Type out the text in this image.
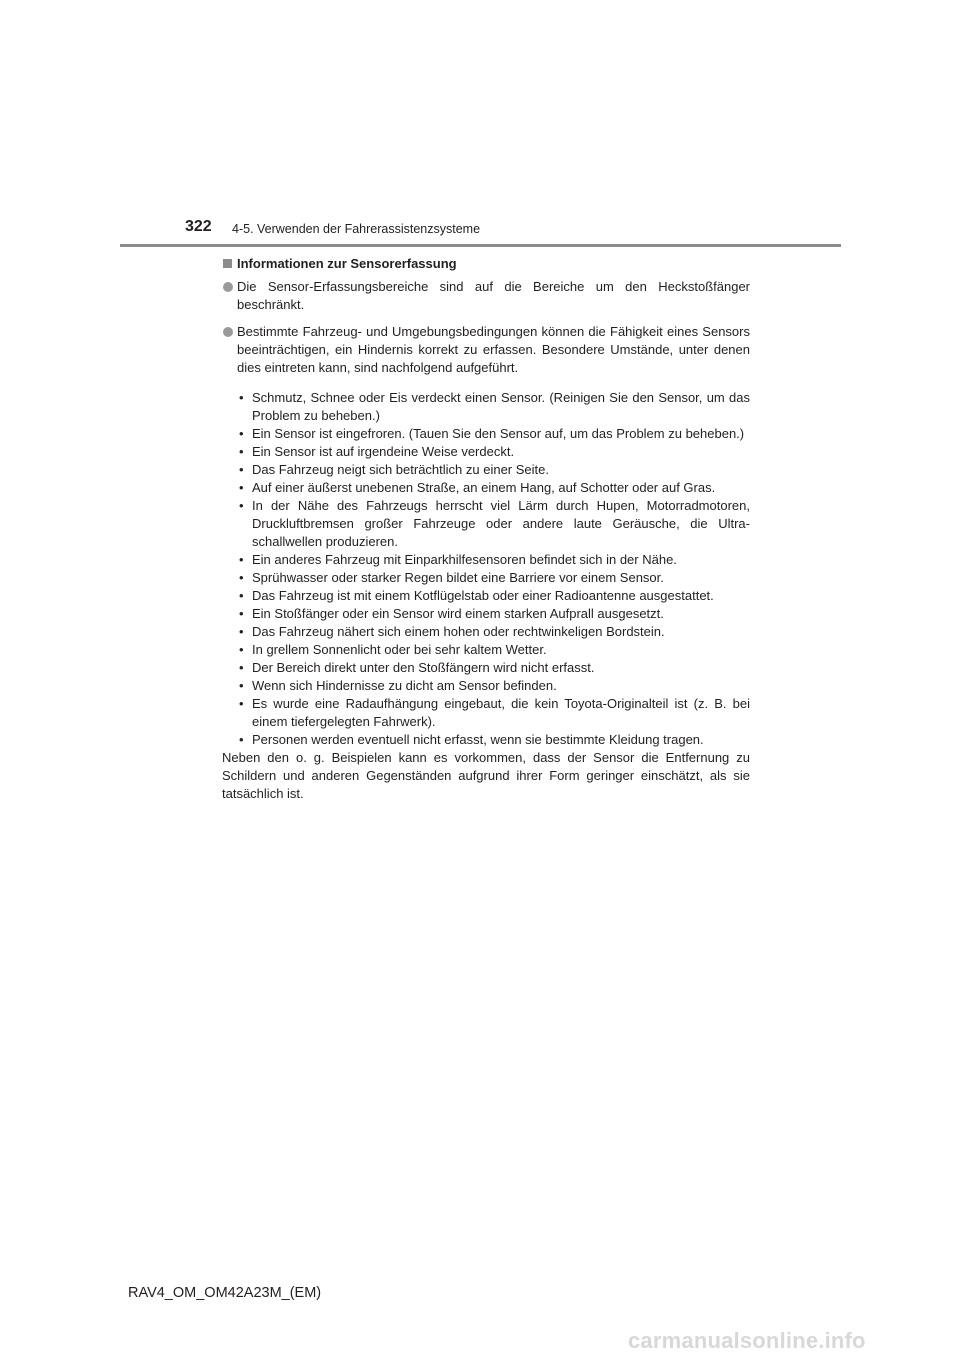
322 4-5. Verwenden der Fahrerassistenzsysteme
Informationen zur Sensorerfassung
Die Sensor-Erfassungsbereiche sind auf die Bereiche um den Heckstoßfänger beschränkt.
Bestimmte Fahrzeug- und Umgebungsbedingungen können die Fähigkeit eines Sensors beeinträchtigen, ein Hindernis korrekt zu erfassen. Besondere Umstände, unter denen dies eintreten kann, sind nachfolgend aufgeführt.
• Schmutz, Schnee oder Eis verdeckt einen Sensor. (Reinigen Sie den Sensor, um das Problem zu beheben.)
• Ein Sensor ist eingefroren. (Tauen Sie den Sensor auf, um das Problem zu beheben.)
• Ein Sensor ist auf irgendeine Weise verdeckt.
• Das Fahrzeug neigt sich beträchtlich zu einer Seite.
• Auf einer äußerst unebenen Straße, an einem Hang, auf Schotter oder auf Gras.
• In der Nähe des Fahrzeugs herrscht viel Lärm durch Hupen, Motorradmotoren, Druckluftbremsen großer Fahrzeuge oder andere laute Geräusche, die Ultraschallwellen produzieren.
• Ein anderes Fahrzeug mit Einparkhilfesensoren befindet sich in der Nähe.
• Sprühwasser oder starker Regen bildet eine Barriere vor einem Sensor.
• Das Fahrzeug ist mit einem Kotflügelstab oder einer Radioantenne ausgestattet.
• Ein Stoßfänger oder ein Sensor wird einem starken Aufprall ausgesetzt.
• Das Fahrzeug nähert sich einem hohen oder rechtwinkeligen Bordstein.
• In grellem Sonnenlicht oder bei sehr kaltem Wetter.
• Der Bereich direkt unter den Stoßfängern wird nicht erfasst.
• Wenn sich Hindernisse zu dicht am Sensor befinden.
• Es wurde eine Radaufhängung eingebaut, die kein Toyota-Originalteil ist (z. B. bei einem tiefergelegten Fahrwerk).
• Personen werden eventuell nicht erfasst, wenn sie bestimmte Kleidung tragen.
Neben den o. g. Beispielen kann es vorkommen, dass der Sensor die Entfernung zu Schildern und anderen Gegenständen aufgrund ihrer Form geringer einschätzt, als sie tatsächlich ist.
RAV4_OM_OM42A23M_(EM)
carmanualsonline.info
